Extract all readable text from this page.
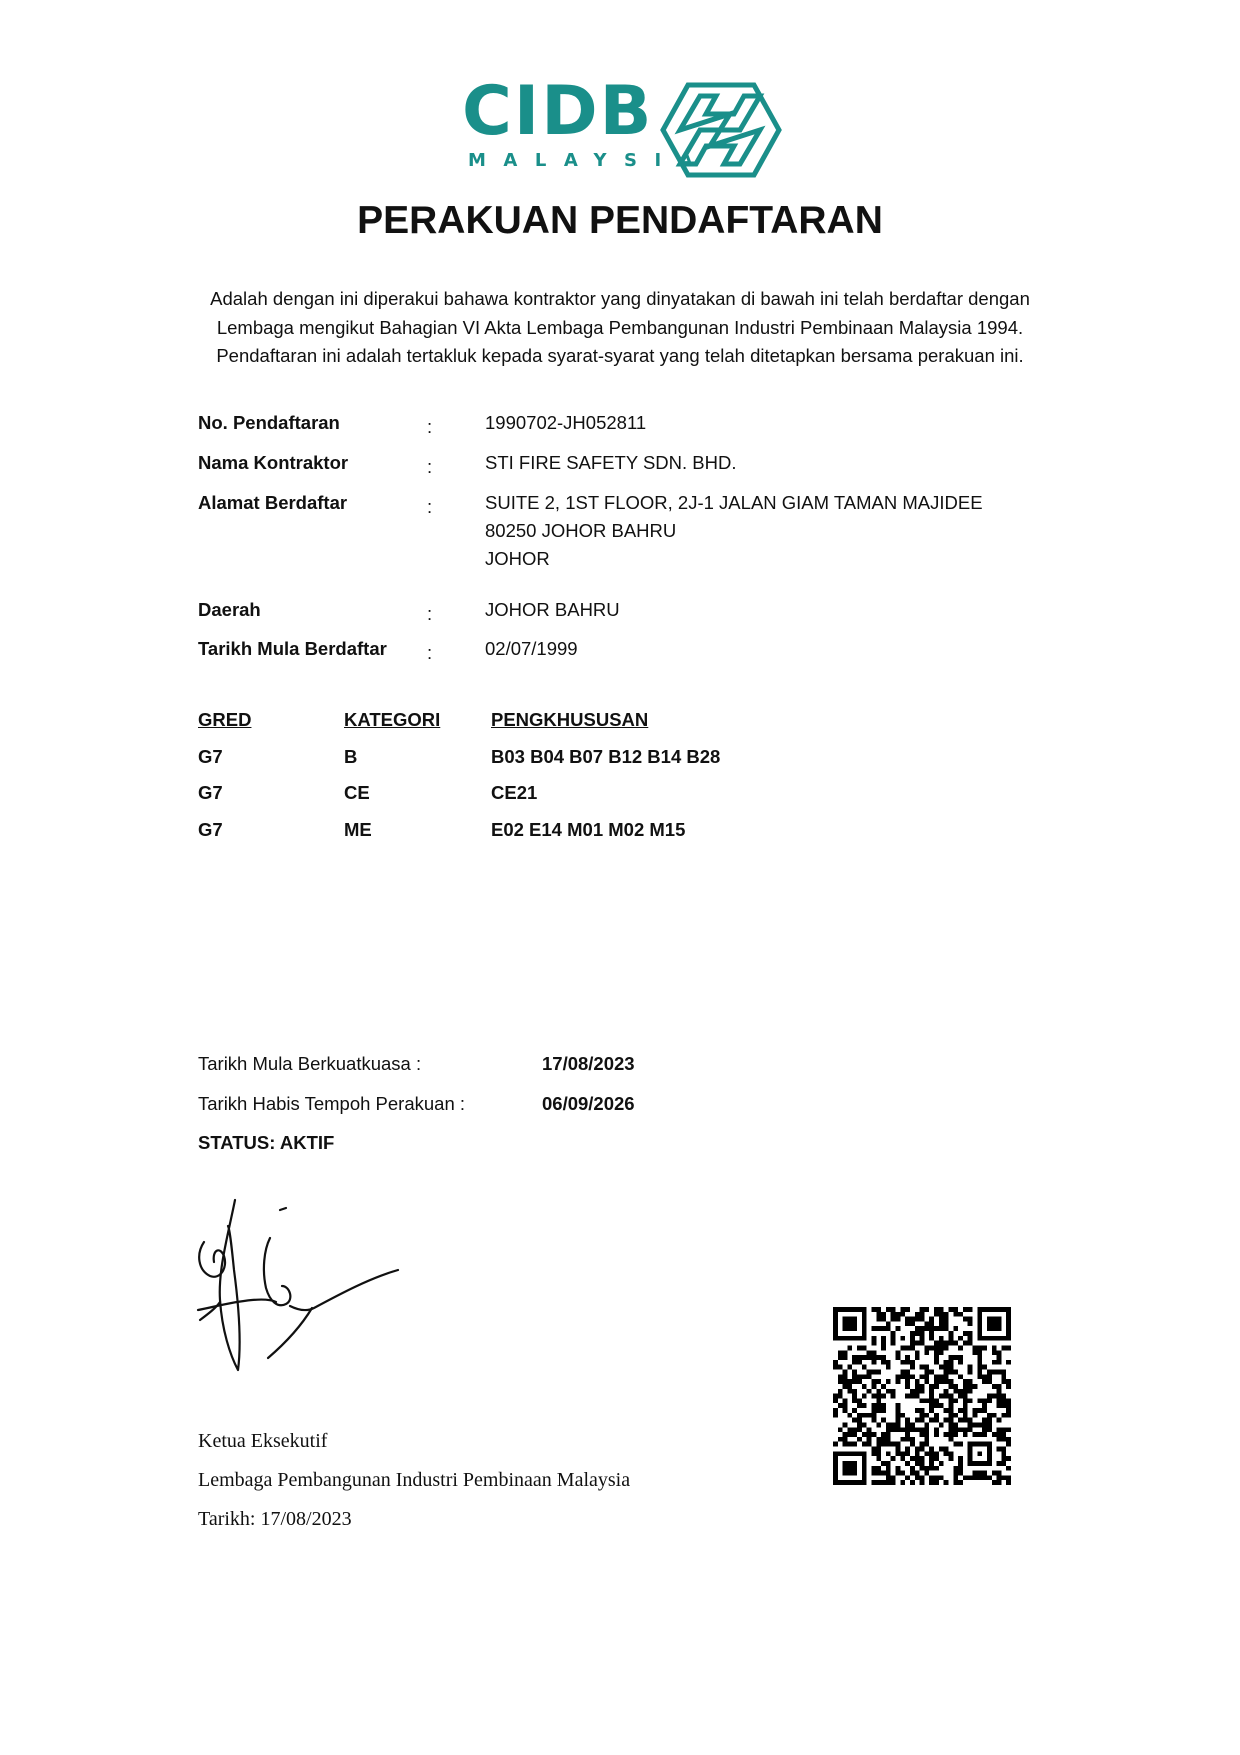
CIDB
MALAYSIA
PERAKUAN PENDAFTARAN
Adalah dengan ini diperakui bahawa kontraktor yang dinyatakan di bawah ini telah berdaftar dengan
Lembaga mengikut Bahagian VI Akta Lembaga Pembangunan Industri Pembinaan Malaysia 1994.
Pendaftaran ini adalah tertakluk kepada syarat-syarat yang telah ditetapkan bersama perakuan ini.
No. Pendaftaran	:	1990702-JH052811
Nama Kontraktor	:	STI FIRE SAFETY SDN. BHD.
Alamat Berdaftar	:	SUITE 2, 1ST FLOOR, 2J-1 JALAN GIAM TAMAN MAJIDEE
80250 JOHOR BAHRU
JOHOR
Daerah	:	JOHOR BAHRU
Tarikh Mula Berdaftar :	02/07/1999
GRED	KATEGORI	PENGKHUSUSAN
G7	B	B03 B04 B07 B12 B14 B28
G7	CE	CE21
G7	ME	E02 E14 M01 M02 M15
Tarikh Mula Berkuatkuasa :	17/08/2023
Tarikh Habis Tempoh Perakuan :	06/09/2026
STATUS: AKTIF
Ketua Eksekutif
Lembaga Pembangunan Industri Pembinaan Malaysia
Tarikh: 17/08/2023
